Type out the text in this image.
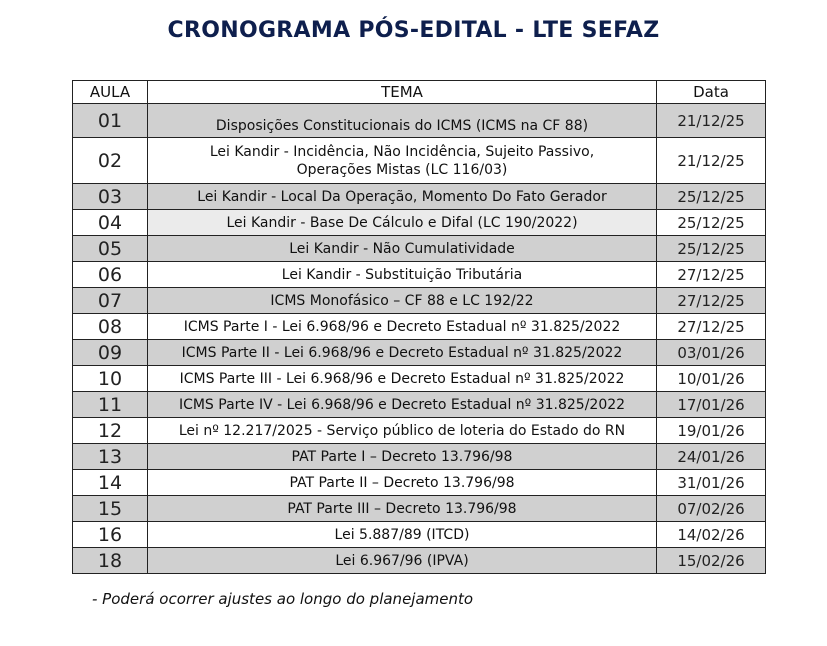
CRONOGRAMA PÓS-EDITAL - LTE SEFAZ
AULA	TEMA	Data
01	Disposições Constitucionais do ICMS (ICMS na CF 88)	21/12/25
02	Lei Kandir - Incidência, Não Incidência, Sujeito Passivo, Operações Mistas (LC 116/03)	21/12/25
03	Lei Kandir - Local Da Operação, Momento Do Fato Gerador	25/12/25
04	Lei Kandir - Base De Cálculo e Difal (LC 190/2022)	25/12/25
05	Lei Kandir - Não Cumulatividade	25/12/25
06	Lei Kandir - Substituição Tributária	27/12/25
07	ICMS Monofásico – CF 88 e LC 192/22	27/12/25
08	ICMS Parte I - Lei 6.968/96 e Decreto Estadual nº 31.825/2022	27/12/25
09	ICMS Parte II - Lei 6.968/96 e Decreto Estadual nº 31.825/2022	03/01/26
10	ICMS Parte III - Lei 6.968/96 e Decreto Estadual nº 31.825/2022	10/01/26
11	ICMS Parte IV - Lei 6.968/96 e Decreto Estadual nº 31.825/2022	17/01/26
12	Lei nº 12.217/2025 - Serviço público de loteria do Estado do RN	19/01/26
13	PAT Parte I – Decreto 13.796/98	24/01/26
14	PAT Parte II – Decreto 13.796/98	31/01/26
15	PAT Parte III – Decreto 13.796/98	07/02/26
16	Lei 5.887/89 (ITCD)	14/02/26
18	Lei 6.967/96 (IPVA)	15/02/26
- Poderá ocorrer ajustes ao longo do planejamento
